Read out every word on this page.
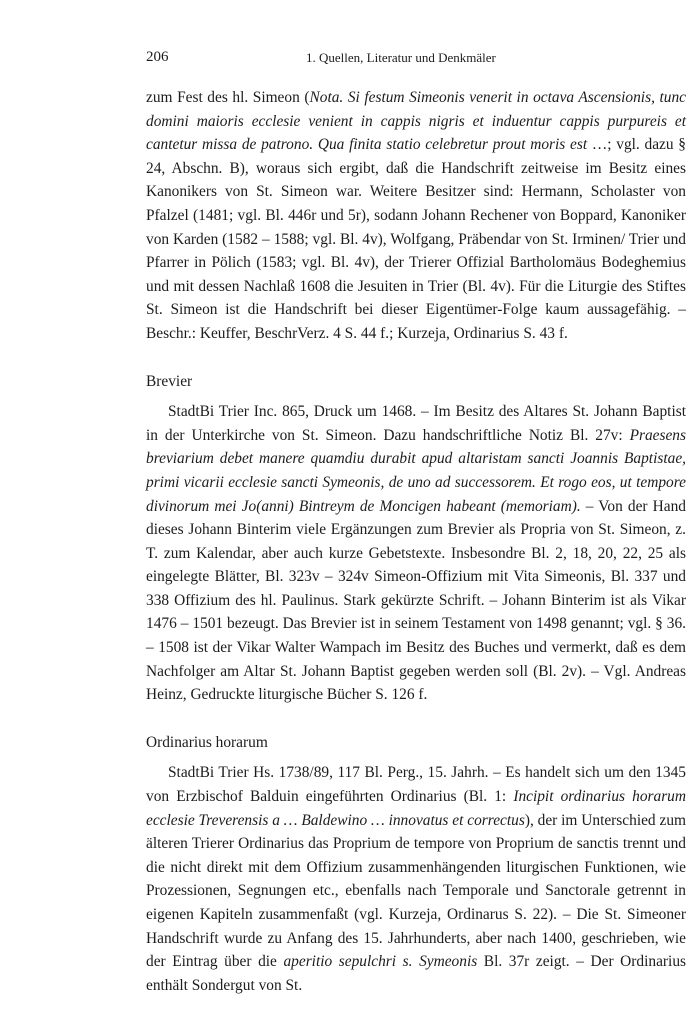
206	1. Quellen, Literatur und Denkmäler

zum Fest des hl. Simeon (Nota. Si festum Simeonis venerit in octava Ascensionis, tunc domini maioris ecclesie venient in cappis nigris et induentur cappis purpureis et cantetur missa de patrono. Qua finita statio celebretur prout moris est …; vgl. dazu § 24, Abschn. B), woraus sich ergibt, daß die Handschrift zeitweise im Besitz eines Kanonikers von St. Simeon war. Weitere Besitzer sind: Hermann, Scholaster von Pfalzel (1481; vgl. Bl. 446r und 5r), sodann Johann Rechener von Boppard, Kanoniker von Karden (1582 – 1588; vgl. Bl. 4v), Wolfgang, Präbendar von St. Irminen/ Trier und Pfarrer in Pölich (1583; vgl. Bl. 4v), der Trierer Offizial Bartholomäus Bodeghemius und mit dessen Nachlaß 1608 die Jesuiten in Trier (Bl. 4v). Für die Liturgie des Stiftes St. Simeon ist die Handschrift bei dieser Eigentümer-Folge kaum aussagefähig. – Beschr.: Keuffer, BeschrVerz. 4 S. 44 f.; Kurzeja, Ordinarius S. 43 f.

Brevier

StadtBi Trier Inc. 865, Druck um 1468. – Im Besitz des Altares St. Johann Baptist in der Unterkirche von St. Simeon. Dazu handschriftliche Notiz Bl. 27v: Praesens breviarium debet manere quamdiu durabit apud altaristam sancti Joannis Baptistae, primi vicarii ecclesie sancti Symeonis, de uno ad successorem. Et rogo eos, ut tempore divinorum mei Jo(anni) Bintreym de Moncigen habeant (memoriam). – Von der Hand dieses Johann Binterim viele Ergänzungen zum Brevier als Propria von St. Simeon, z. T. zum Kalendar, aber auch kurze Gebetstexte. Insbesondre Bl. 2, 18, 20, 22, 25 als eingelegte Blätter, Bl. 323v – 324v Simeon-Offizium mit Vita Simeonis, Bl. 337 und 338 Offizium des hl. Paulinus. Stark gekürzte Schrift. – Johann Binterim ist als Vikar 1476 – 1501 bezeugt. Das Brevier ist in seinem Testament von 1498 genannt; vgl. § 36. – 1508 ist der Vikar Walter Wampach im Besitz des Buches und vermerkt, daß es dem Nachfolger am Altar St. Johann Baptist gegeben werden soll (Bl. 2v). – Vgl. Andreas Heinz, Gedruckte liturgische Bücher S. 126 f.

Ordinarius horarum

StadtBi Trier Hs. 1738/89, 117 Bl. Perg., 15. Jahrh. – Es handelt sich um den 1345 von Erzbischof Balduin eingeführten Ordinarius (Bl. 1: Incipit ordinarius horarum ecclesie Treverensis a … Baldewino … innovatus et correctus), der im Unterschied zum älteren Trierer Ordinarius das Proprium de tempore von Proprium de sanctis trennt und die nicht direkt mit dem Offizium zusammenhängenden liturgischen Funktionen, wie Prozessionen, Segnungen etc., ebenfalls nach Temporale und Sanctorale getrennt in eigenen Kapiteln zusammenfaßt (vgl. Kurzeja, Ordinarus S. 22). – Die St. Simeoner Handschrift wurde zu Anfang des 15. Jahrhunderts, aber nach 1400, geschrieben, wie der Eintrag über die aperitio sepulchri s. Symeonis Bl. 37r zeigt. – Der Ordinarius enthält Sondergut von St.
